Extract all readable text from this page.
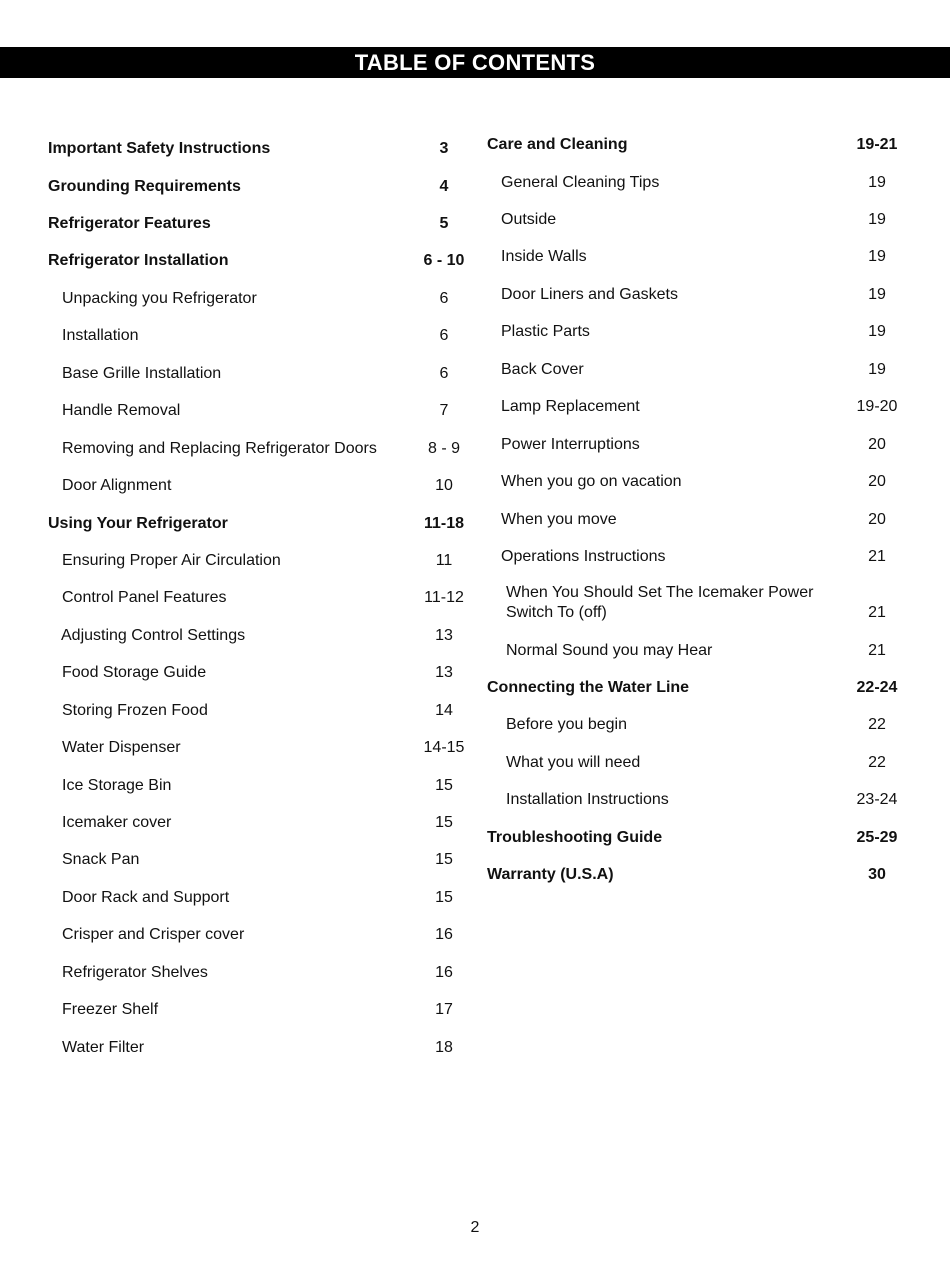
TABLE OF CONTENTS
Important Safety Instructions	3
Grounding Requirements	4
Refrigerator Features	5
Refrigerator Installation	6 - 10
Unpacking you Refrigerator	6
Installation	6
Base Grille Installation	6
Handle Removal	7
Removing and Replacing Refrigerator Doors	8 - 9
Door Alignment	10
Using Your Refrigerator	11-18
Ensuring Proper Air Circulation	11
Control Panel Features	11-12
Adjusting Control Settings	13
Food Storage Guide	13
Storing Frozen Food	14
Water Dispenser	14-15
Ice Storage Bin	15
Icemaker cover	15
Snack Pan	15
Door Rack and Support	15
Crisper and Crisper cover	16
Refrigerator Shelves	16
Freezer Shelf	17
Water Filter	18
Care and Cleaning	19-21
General Cleaning Tips	19
Outside	19
Inside Walls	19
Door Liners and Gaskets	19
Plastic Parts	19
Back Cover	19
Lamp Replacement	19-20
Power Interruptions	20
When you go on vacation	20
When you move	20
Operations Instructions	21
When You Should Set The Icemaker Power Switch To (off)	21
Normal Sound you may Hear	21
Connecting the Water Line	22-24
Before you begin	22
What you will need	22
Installation Instructions	23-24
Troubleshooting Guide	25-29
Warranty (U.S.A)	30
2
